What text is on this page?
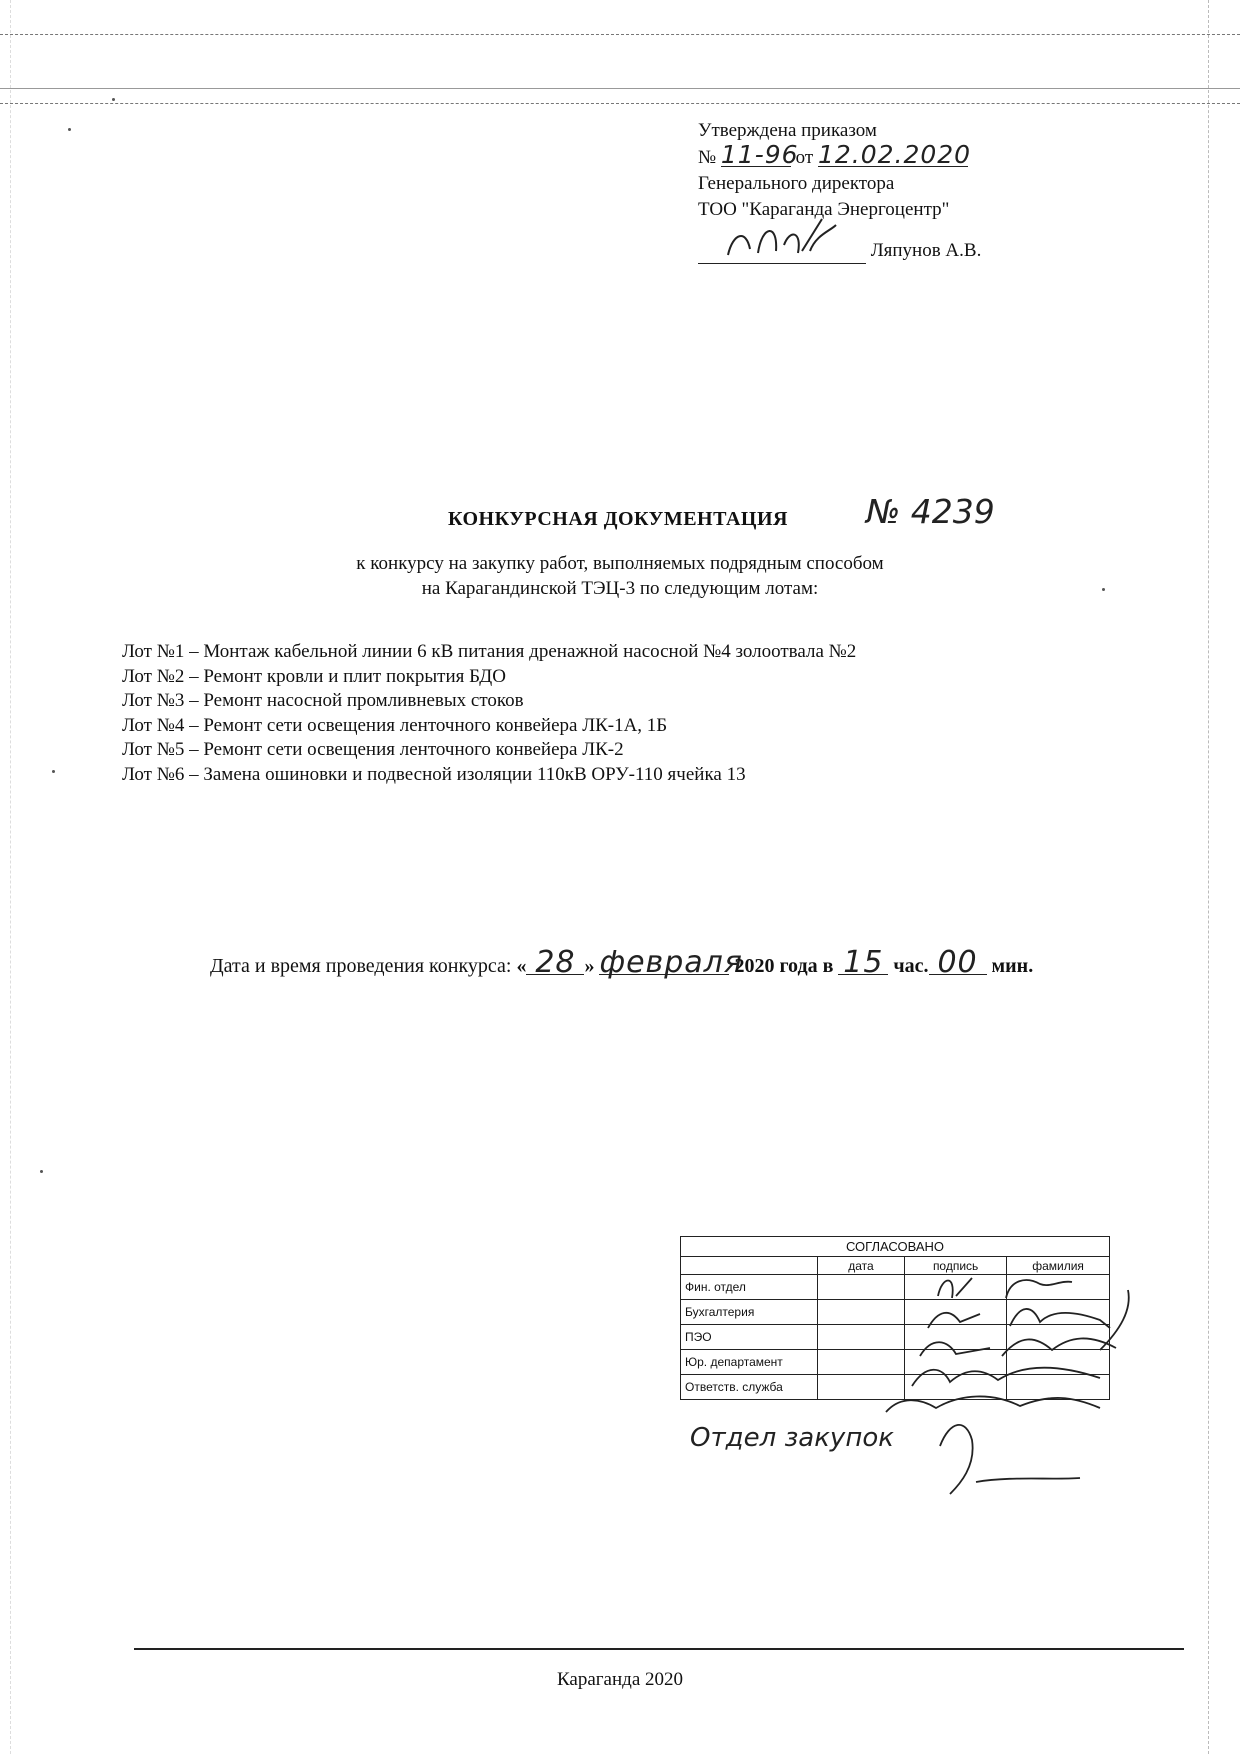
Утверждена приказом
№ 11-96 от 12.02.2020
Генерального директора
ТОО "Караганда Энергоцентр"
Ляпунов А.В.
КОНКУРСНАЯ ДОКУМЕНТАЦИЯ № 4239
к конкурсу на закупку работ, выполняемых подрядным способом
на Карагандинской ТЭЦ-3 по следующим лотам:
Лот №1 – Монтаж кабельной линии 6 кВ питания дренажной насосной №4 золоотвала №2
Лот №2 – Ремонт кровли и плит покрытия БДО
Лот №3 – Ремонт насосной промливневых стоков
Лот №4 – Ремонт сети освещения ленточного конвейера ЛК-1А, 1Б
Лот №5 – Ремонт сети освещения ленточного конвейера ЛК-2
Лот №6 – Замена ошиновки и подвесной изоляции 110кВ ОРУ-110 ячейка 13
Дата и время проведения конкурса: « 28 » февраля 2020 года в 15 час. 00 мин.
СОГЛАСОВАНО			
	дата	подпись	фамилия
Фин. отдел			
Бухгалтерия			
ПЭО			
Юр. департамент			
Ответств. служба			
Отдел закупок
Караганда 2020
